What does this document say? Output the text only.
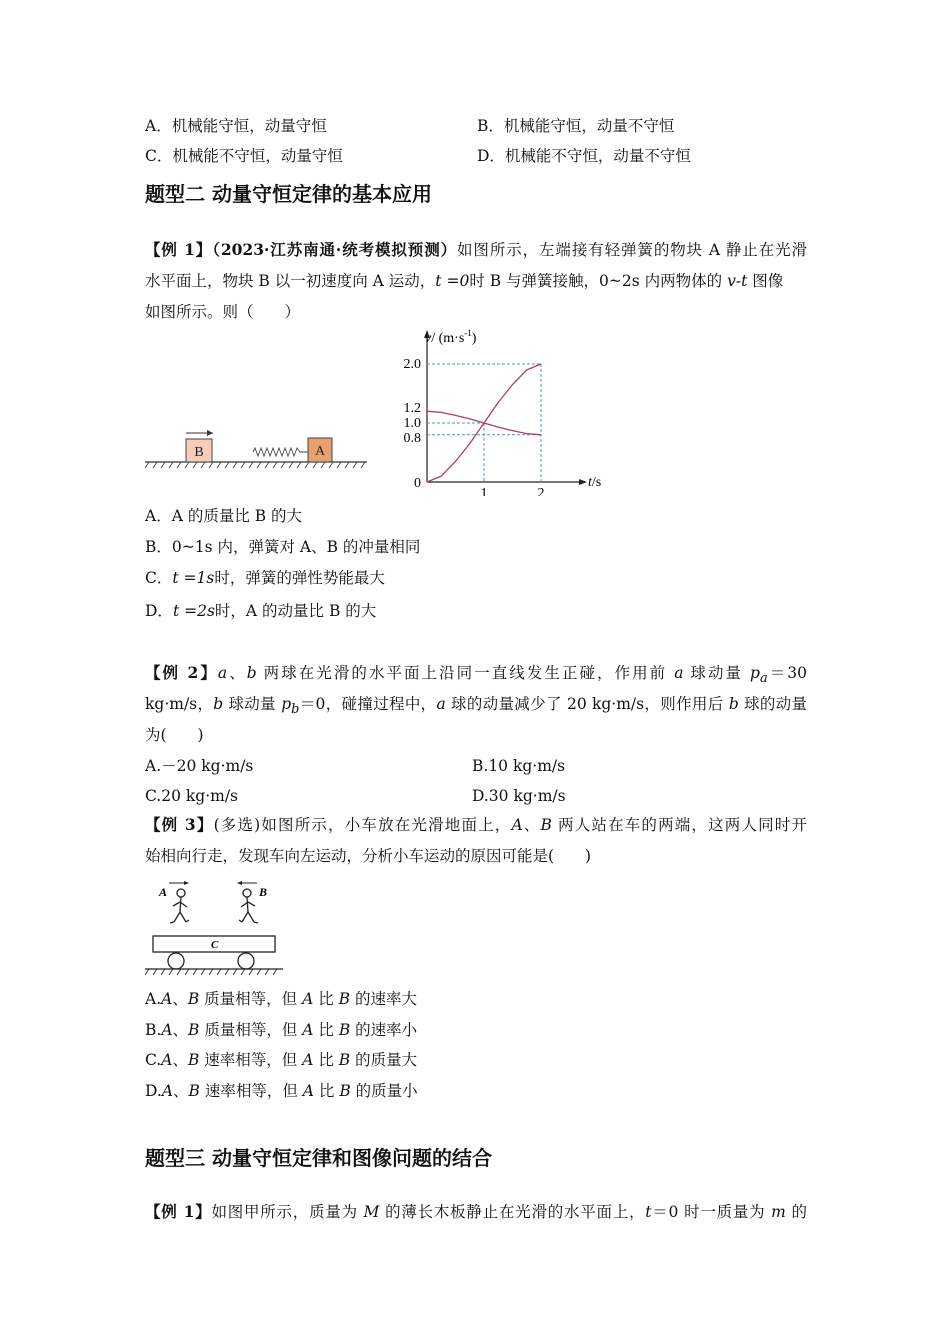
A．机械能守恒，动量守恒	B．机械能守恒，动量不守恒
C．机械能不守恒，动量守恒	D．机械能不守恒，动量不守恒
题型二 动量守恒定律的基本应用
【例 1】（2023·江苏南通·统考模拟预测）如图所示，左端接有轻弹簧的物块 A 静止在光滑
水平面上，物块 B 以一初速度向 A 运动，t =0时 B 与弹簧接触，0~2s 内两物体的 v-t 图像
如图所示。则（　　）
B	A
v/ $(m\cdot s^{-1})$
t/s
2.0
1.2
1.0
0.8
0
1	2
A．A 的质量比 B 的大
B．0~1s 内，弹簧对 A、B 的冲量相同
C．t =1s时，弹簧的弹性势能最大
D．t =2s时，A 的动量比 B 的大
【例 2】a、b 两球在光滑的水平面上沿同一直线发生正碰，作用前 a 球动量 $p_a=30$
kg·m/s，b 球动量 $p_b=0$，碰撞过程中，a 球的动量减少了 20 kg·m/s，则作用后 b 球的动量
为(　　)
A.－20 kg·m/s	B.10 kg·m/s
C.20 kg·m/s	D.30 kg·m/s
【例 3】(多选)如图所示，小车放在光滑地面上，A、B 两人站在车的两端，这两人同时开
始相向行走，发现车向左运动，分析小车运动的原因可能是(　　)
A	B
C
A.A、B 质量相等，但 A 比 B 的速率大
B.A、B 质量相等，但 A 比 B 的速率小
C.A、B 速率相等，但 A 比 B 的质量大
D.A、B 速率相等，但 A 比 B 的质量小
题型三 动量守恒定律和图像问题的结合
【例 1】如图甲所示，质量为 M 的薄长木板静止在光滑的水平面上，t＝0 时一质量为 m 的
